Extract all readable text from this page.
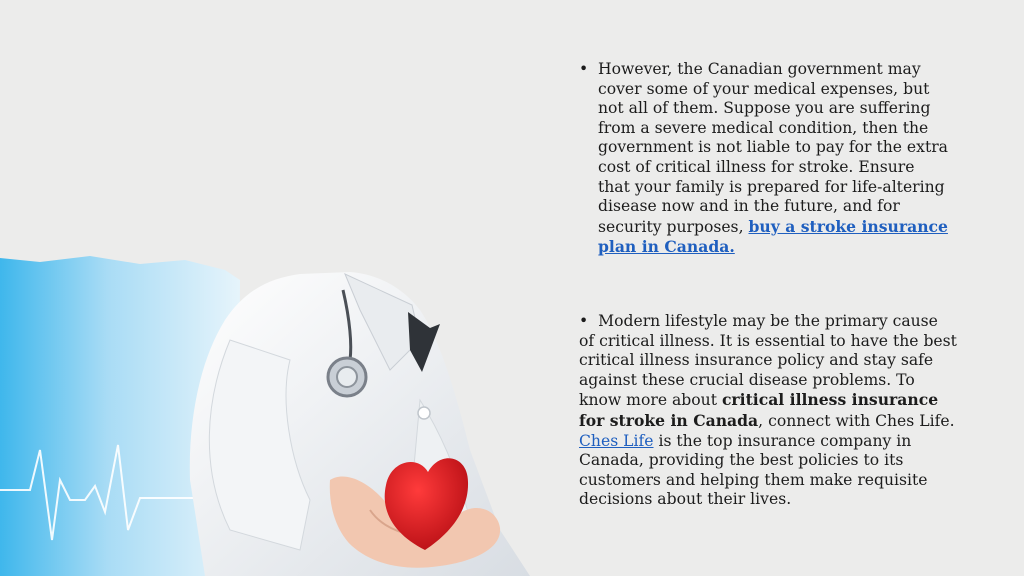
• However, the Canadian government may cover some of your medical expenses, but not all of them. Suppose you are suffering from a severe medical condition, then the government is not liable to pay for the extra cost of critical illness for stroke. Ensure that your family is prepared for life-altering disease now and in the future, and for security purposes, buy a stroke insurance plan in Canada.
• Modern lifestyle may be the primary cause of critical illness. It is essential to have the best critical illness insurance policy and stay safe against these crucial disease problems. To know more about critical illness insurance for stroke in Canada, connect with Ches Life. Ches Life is the top insurance company in Canada, providing the best policies to its customers and helping them make requisite decisions about their lives.
